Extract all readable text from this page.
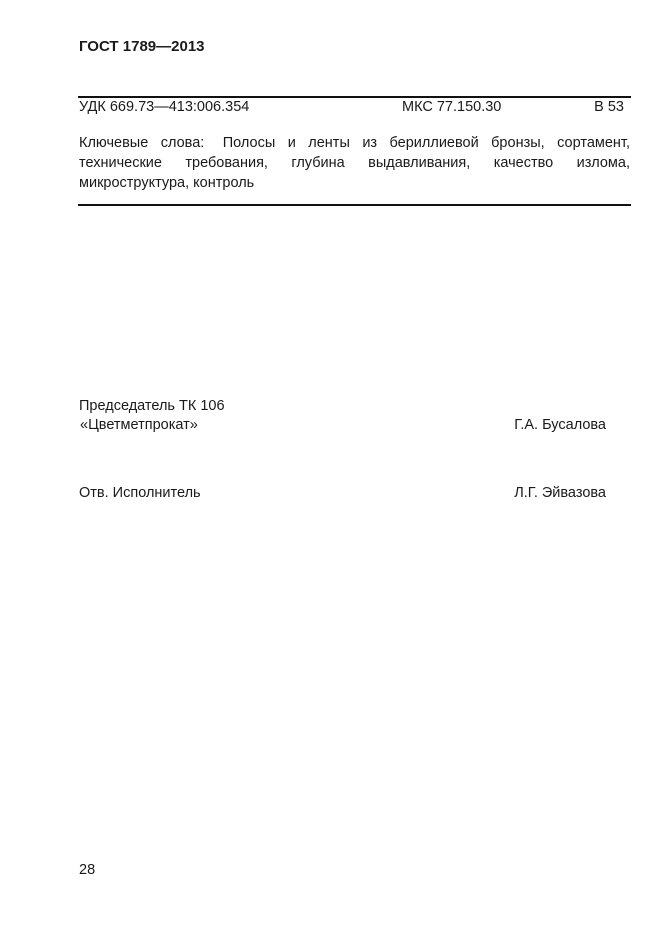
ГОСТ 1789—2013
УДК 669.73—413:006.354	МКС 77.150.30	В 53
Ключевые слова: Полосы и ленты из бериллиевой бронзы, сортамент, технические требования, глубина выдавливания, качество излома, микроструктура, контроль
Председатель ТК 106
«Цветметпрокат»	Г.А. Бусалова
Отв. Исполнитель	Л.Г. Эйвазова
28
